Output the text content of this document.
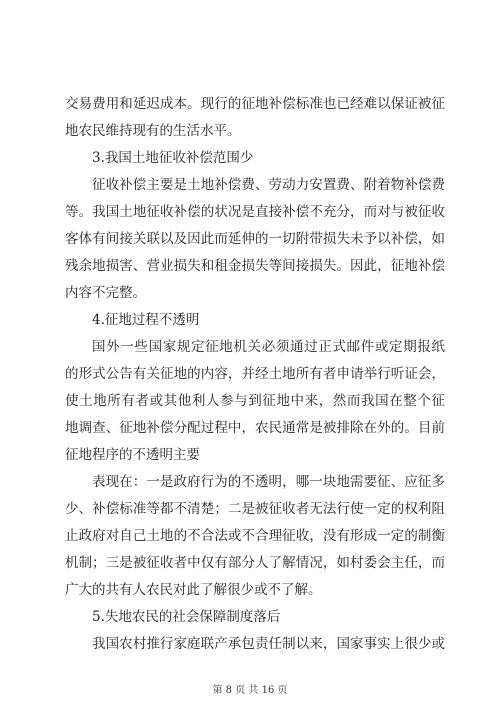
交易费用和延迟成本。现行的征地补偿标准也已经难以保证被征
地农民维持现有的生活水平。
3.我国土地征收补偿范围少
征收补偿主要是土地补偿费、劳动力安置费、附着物补偿费
等。我国土地征收补偿的状况是直接补偿不充分，而对与被征收
客体有间接关联以及因此而延伸的一切附带损失未予以补偿，如
残余地损害、营业损失和租金损失等间接损失。因此，征地补偿
内容不完整。
4.征地过程不透明
国外一些国家规定征地机关必须通过正式邮件或定期报纸
的形式公告有关征地的内容，并经土地所有者申请举行听证会，
使土地所有者或其他利人参与到征地中来，然而我国在整个征
地调查、征地补偿分配过程中，农民通常是被排除在外的。目前
征地程序的不透明主要
表现在：一是政府行为的不透明，哪一块地需要征、应征多
少、补偿标准等都不清楚；二是被征收者无法行使一定的权利阻
止政府对自己土地的不合法或不合理征收，没有形成一定的制衡
机制；三是被征收者中仅有部分人了解情况，如村委会主任，而
广大的共有人农民对此了解很少或不了解。
5.失地农民的社会保障制度落后
我国农村推行家庭联产承包责任制以来，国家事实上很少或
第 8 页 共 16 页
